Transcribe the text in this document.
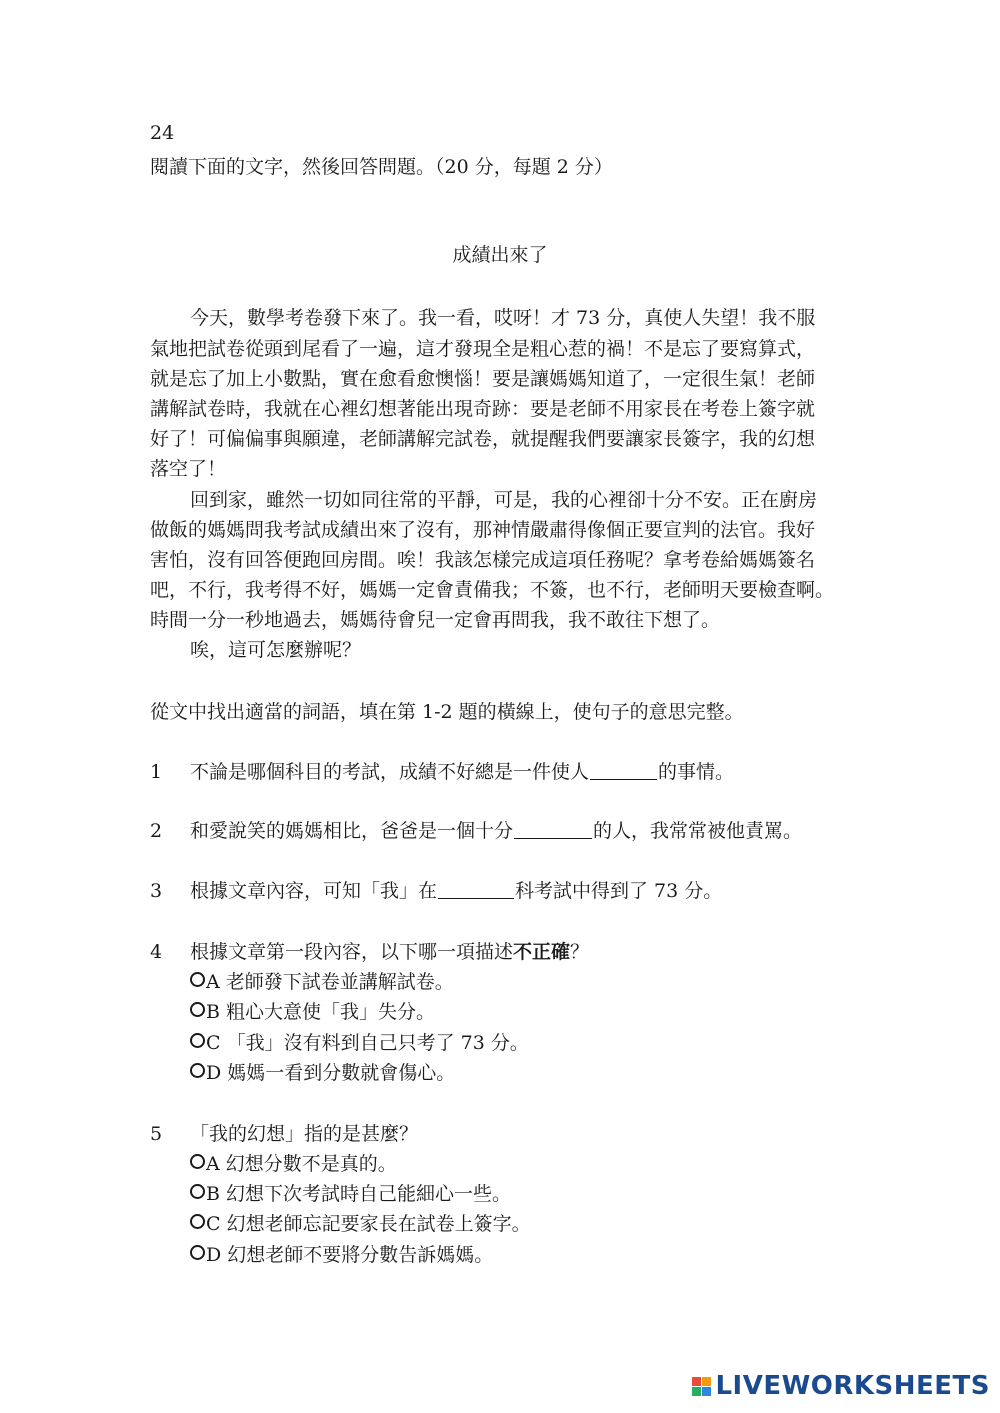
24
閱讀下面的文字，然後回答問題。（20 分，每題 2 分）
成績出來了
今天，數學考卷發下來了。我一看，哎呀！才 73 分，真使人失望！我不服
氣地把試卷從頭到尾看了一遍，這才發現全是粗心惹的禍！不是忘了要寫算式，
就是忘了加上小數點，實在愈看愈懊惱！要是讓媽媽知道了，一定很生氣！老師
講解試卷時，我就在心裡幻想著能出現奇跡：要是老師不用家長在考卷上簽字就
好了！可偏偏事與願違，老師講解完試卷，就提醒我們要讓家長簽字，我的幻想
落空了！
回到家，雖然一切如同往常的平靜，可是，我的心裡卻十分不安。正在廚房
做飯的媽媽問我考試成績出來了沒有，那神情嚴肅得像個正要宣判的法官。我好
害怕，沒有回答便跑回房間。唉！我該怎樣完成這項任務呢？拿考卷給媽媽簽名
吧，不行，我考得不好，媽媽一定會責備我；不簽，也不行，老師明天要檢查啊。
時間一分一秒地過去，媽媽待會兒一定會再問我，我不敢往下想了。
唉，這可怎麼辦呢？
從文中找出適當的詞語，填在第 1-2 題的橫線上，使句子的意思完整。
1 不論是哪個科目的考試，成績不好總是一件使人	的事情。
2 和愛說笑的媽媽相比，爸爸是一個十分	的人，我常常被他責罵。
3 根據文章內容，可知「我」在	科考試中得到了 73 分。
4 根據文章第一段內容，以下哪一項描述不正確？
A 老師發下試卷並講解試卷。
B 粗心大意使「我」失分。
C 「我」沒有料到自己只考了 73 分。
D 媽媽一看到分數就會傷心。
5 「我的幻想」指的是甚麼？
A 幻想分數不是真的。
B 幻想下次考試時自己能細心一些。
C 幻想老師忘記要家長在試卷上簽字。
D 幻想老師不要將分數告訴媽媽。
LIVEWORKSHEETS
